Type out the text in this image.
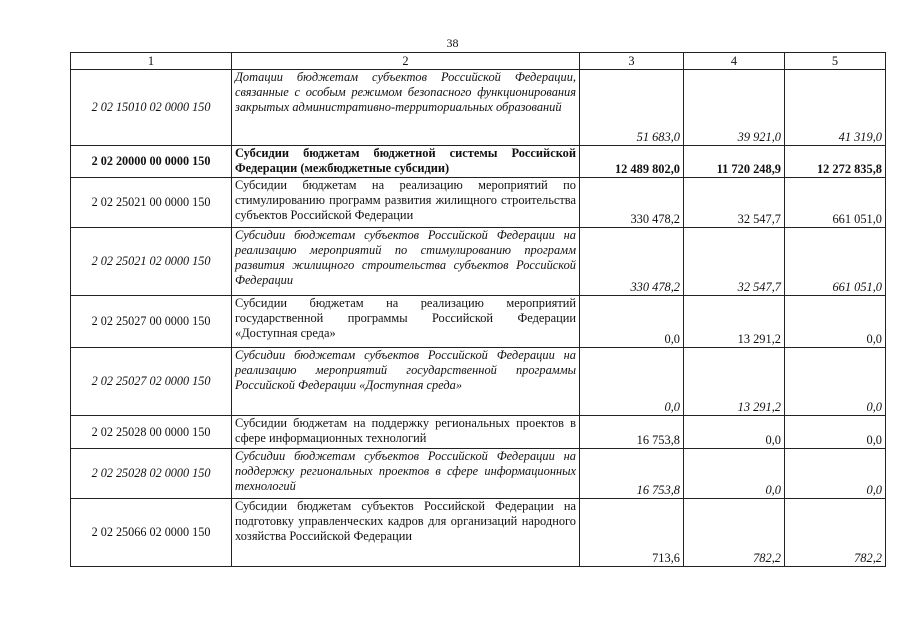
38
1	2	3	4	5
2 02 15010 02 0000 150	Дотации бюджетам субъектов Российской Федерации, связанные с особым режимом безопасного функционирования закрытых административно-территориальных образований	51 683,0	39 921,0	41 319,0
2 02 20000 00 0000 150	Субсидии бюджетам бюджетной системы Российской Федерации (межбюджетные субсидии)	12 489 802,0	11 720 248,9	12 272 835,8
2 02 25021 00 0000 150	Субсидии бюджетам на реализацию мероприятий по стимулированию программ развития жилищного строительства субъектов Российской Федерации	330 478,2	32 547,7	661 051,0
2 02 25021 02 0000 150	Субсидии бюджетам субъектов Российской Федерации на реализацию мероприятий по стимулированию программ развития жилищного строительства субъектов Российской Федерации	330 478,2	32 547,7	661 051,0
2 02 25027 00 0000 150	Субсидии бюджетам на реализацию мероприятий государственной программы Российской Федерации «Доступная среда»	0,0	13 291,2	0,0
2 02 25027 02 0000 150	Субсидии бюджетам субъектов Российской Федерации на реализацию мероприятий государственной программы Российской Федерации «Доступная среда»	0,0	13 291,2	0,0
2 02 25028 00 0000 150	Субсидии бюджетам на поддержку региональных проектов в сфере информационных технологий	16 753,8	0,0	0,0
2 02 25028 02 0000 150	Субсидии бюджетам субъектов Российской Федерации на поддержку региональных проектов в сфере информационных технологий	16 753,8	0,0	0,0
2 02 25066 02 0000 150	Субсидии бюджетам субъектов Российской Федерации на подготовку управленческих кадров для организаций народного хозяйства Российской Федерации	713,6	782,2	782,2
